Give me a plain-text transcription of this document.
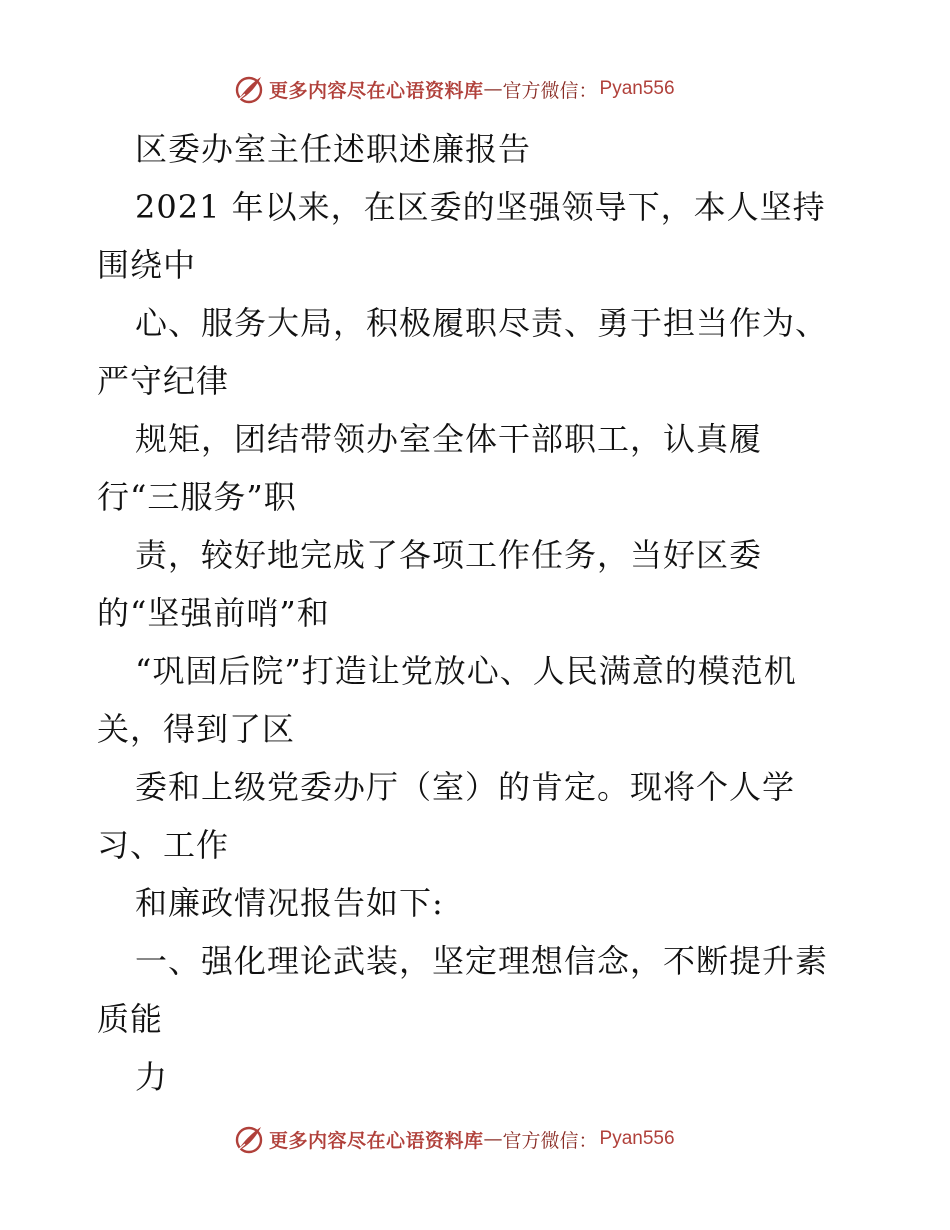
更多内容尽在心语资料库 — 官方微信： Pyan556
区委办室主任述职述廉报告
2021 年以来，在区委的坚强领导下，本人坚持
围绕中
心、服务大局，积极履职尽责、勇于担当作为、
严守纪律
规矩，团结带领办室全体干部职工，认真履
行“三服务”职
责，较好地完成了各项工作任务，当好区委
的“坚强前哨”和
“巩固后院”打造让党放心、人民满意的模范机
关，得到了区
委和上级党委办厅（室）的肯定。现将个人学
习、工作
和廉政情况报告如下:
一、强化理论武装，坚定理想信念，不断提升素
质能
力
更多内容尽在心语资料库 — 官方微信： Pyan556
